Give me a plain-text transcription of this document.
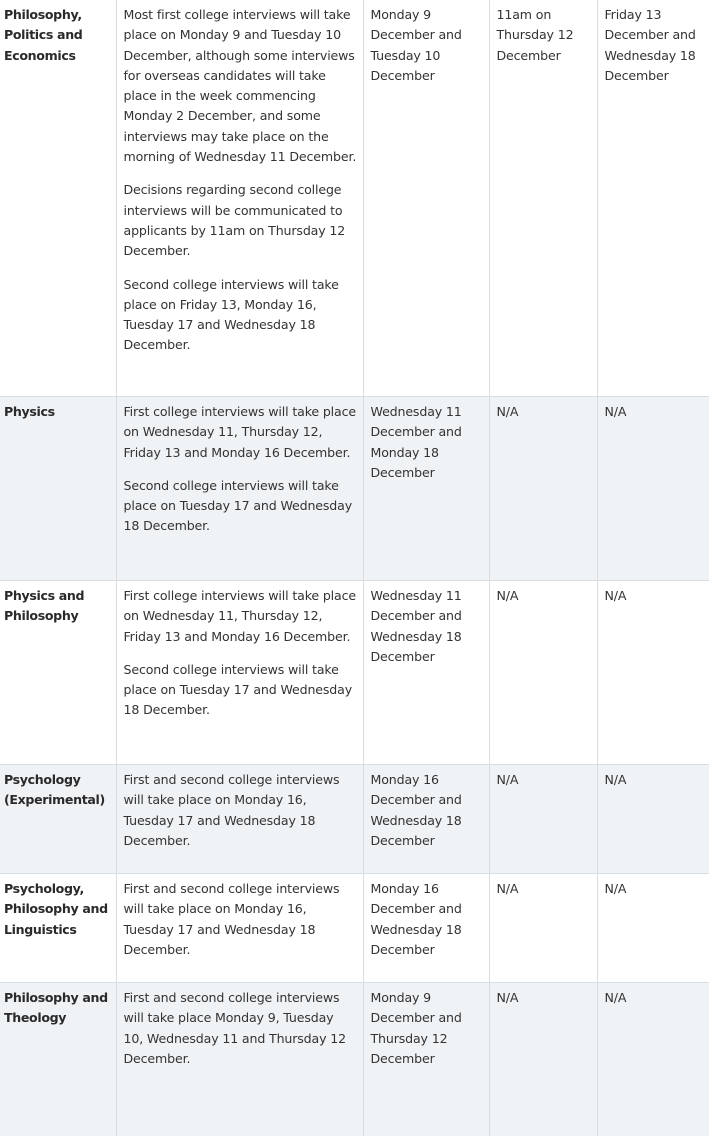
Philosophy, Politics and Economics	Most first college interviews will take place on Monday 9 and Tuesday 10 December, although some interviews for overseas candidates will take place in the week commencing Monday 2 December, and some interviews may take place on the morning of Wednesday 11 December.

Decisions regarding second college interviews will be communicated to applicants by 11am on Thursday 12 December.

Second college interviews will take place on Friday 13, Monday 16, Tuesday 17 and Wednesday 18 December.	Monday 9 December and Tuesday 10 December	11am on Thursday 12 December	Friday 13 December and Wednesday 18 December
Physics	First college interviews will take place on Wednesday 11, Thursday 12, Friday 13 and Monday 16 December.

Second college interviews will take place on Tuesday 17 and Wednesday 18 December.	Wednesday 11 December and Monday 18 December	N/A	N/A
Physics and Philosophy	First college interviews will take place on Wednesday 11, Thursday 12, Friday 13 and Monday 16 December.

Second college interviews will take place on Tuesday 17 and Wednesday 18 December.	Wednesday 11 December and Wednesday 18 December	N/A	N/A
Psychology (Experimental)	First and second college interviews will take place on Monday 16, Tuesday 17 and Wednesday 18 December.	Monday 16 December and Wednesday 18 December	N/A	N/A
Psychology, Philosophy and Linguistics	First and second college interviews will take place on Monday 16, Tuesday 17 and Wednesday 18 December.	Monday 16 December and Wednesday 18 December	N/A	N/A
Philosophy and Theology	First and second college interviews will take place Monday 9, Tuesday 10, Wednesday 11 and Thursday 12 December.	Monday 9 December and Thursday 12 December	N/A	N/A
